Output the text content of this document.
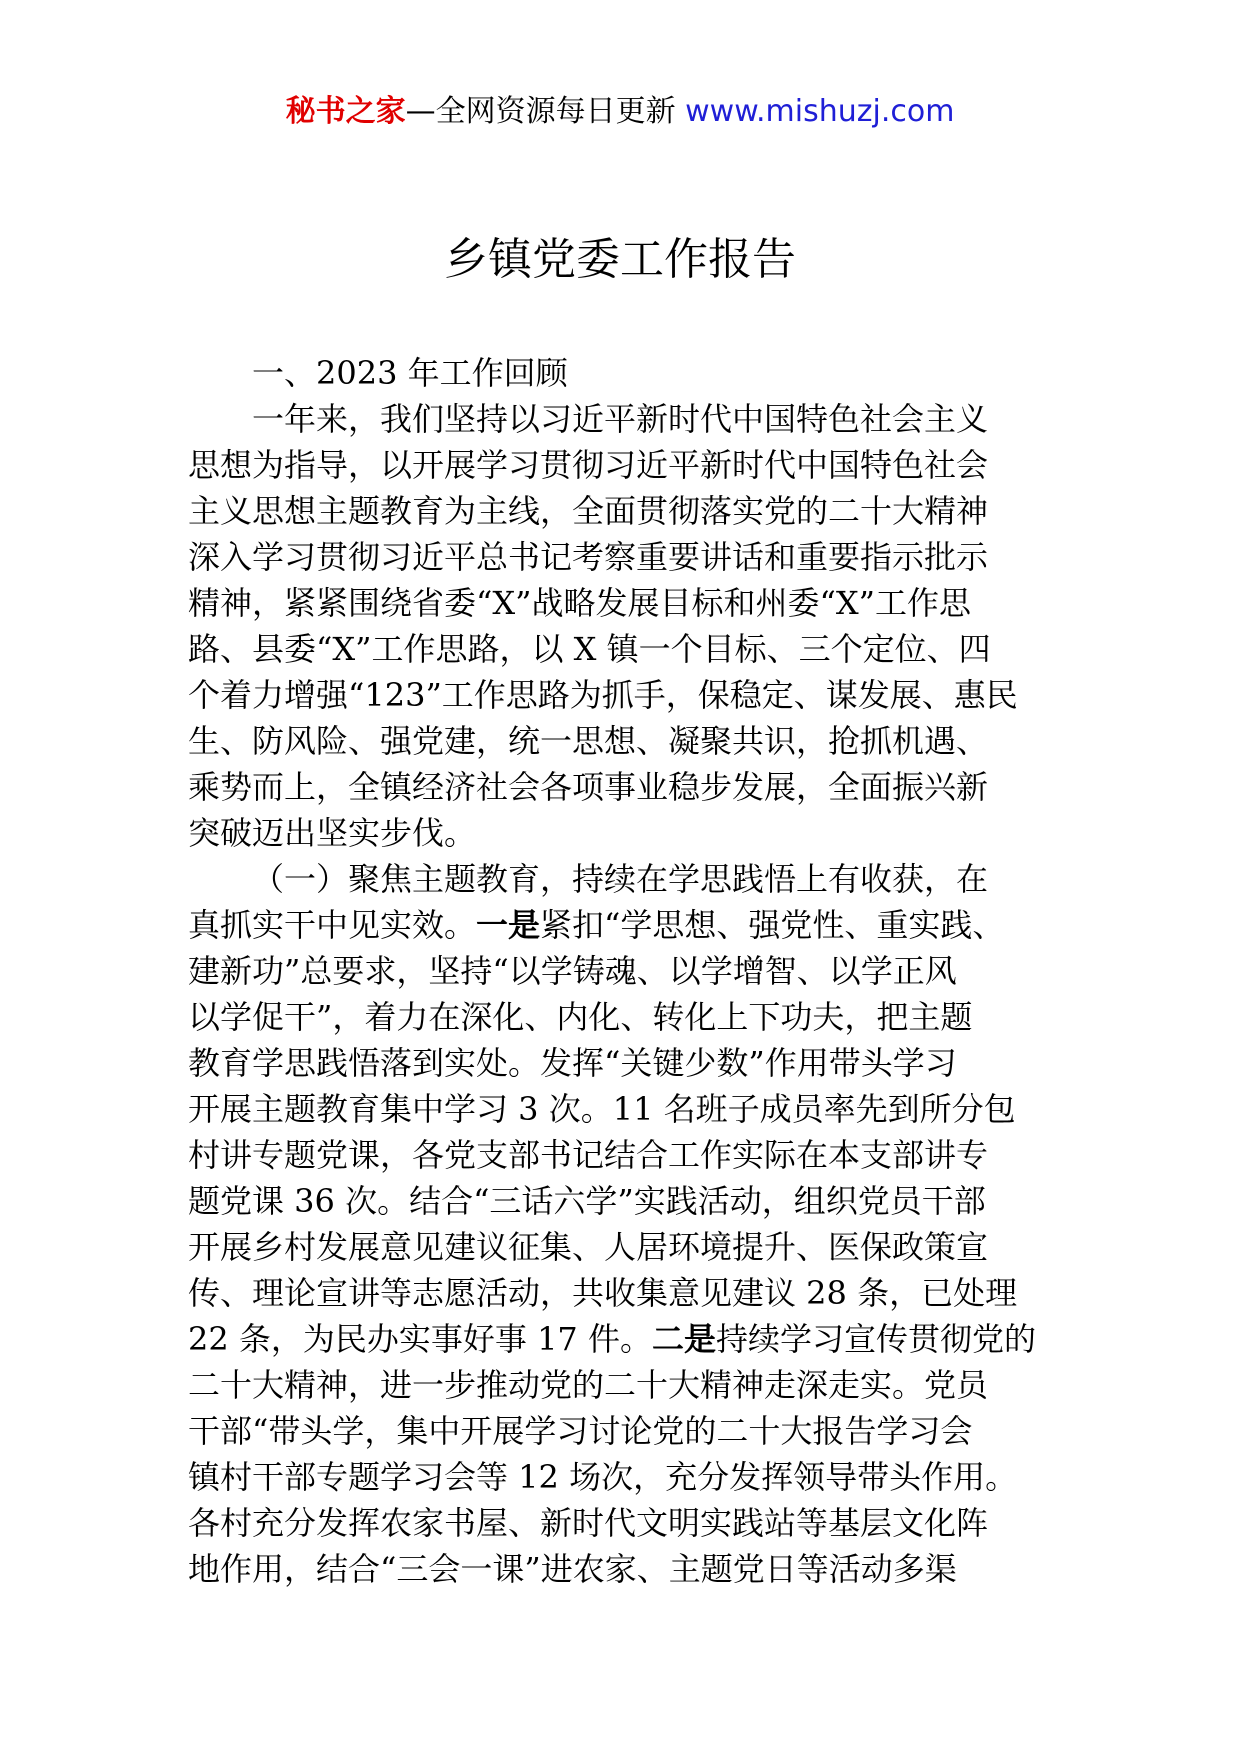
秘书之家—全网资源每日更新 www.mishuzj.com
乡镇党委工作报告
一、2023 年工作回顾
一年来，我们坚持以习近平新时代中国特色社会主义
思想为指导，以开展学习贯彻习近平新时代中国特色社会
主义思想主题教育为主线，全面贯彻落实党的二十大精神
深入学习贯彻习近平总书记考察重要讲话和重要指示批示
精神，紧紧围绕省委“X”战略发展目标和州委“X”工作思
路、县委“X”工作思路，以 X 镇一个目标、三个定位、四
个着力增强“123”工作思路为抓手，保稳定、谋发展、惠民
生、防风险、强党建，统一思想、凝聚共识，抢抓机遇、
乘势而上，全镇经济社会各项事业稳步发展，全面振兴新
突破迈出坚实步伐。
（一）聚焦主题教育，持续在学思践悟上有收获，在
真抓实干中见实效。一是紧扣“学思想、强党性、重实践、
建新功”总要求，坚持“以学铸魂、以学增智、以学正风
以学促干”，着力在深化、内化、转化上下功夫，把主题
教育学思践悟落到实处。发挥“关键少数”作用带头学习
开展主题教育集中学习 3 次。11 名班子成员率先到所分包
村讲专题党课，各党支部书记结合工作实际在本支部讲专
题党课 36 次。结合“三话六学”实践活动，组织党员干部
开展乡村发展意见建议征集、人居环境提升、医保政策宣
传、理论宣讲等志愿活动，共收集意见建议 28 条，已处理
22 条，为民办实事好事 17 件。二是持续学习宣传贯彻党的
二十大精神，进一步推动党的二十大精神走深走实。党员
干部“带头学，集中开展学习讨论党的二十大报告学习会
镇村干部专题学习会等 12 场次，充分发挥领导带头作用。
各村充分发挥农家书屋、新时代文明实践站等基层文化阵
地作用，结合“三会一课”进农家、主题党日等活动多渠
